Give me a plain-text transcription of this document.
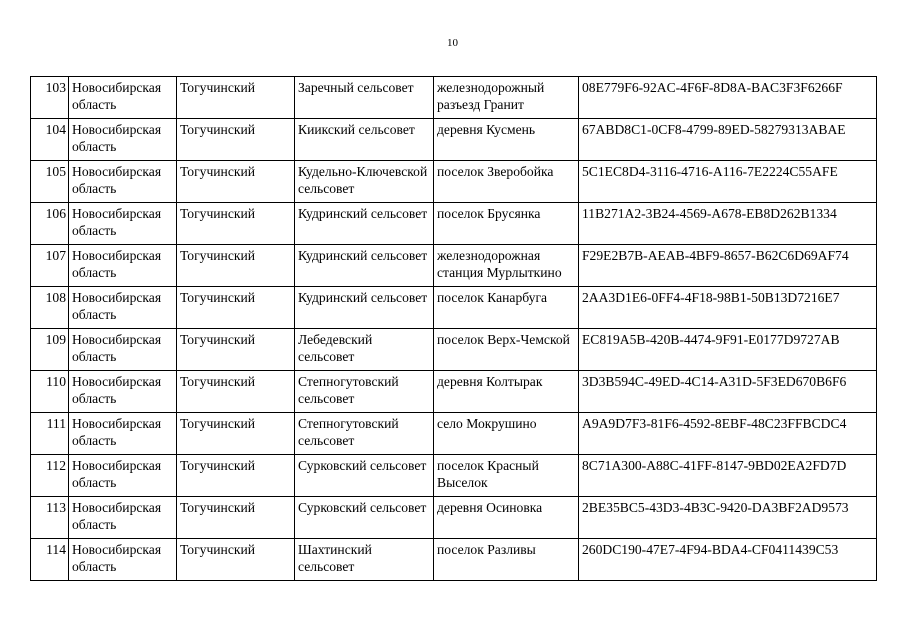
10
103	Новосибирская область	Тогучинский	Заречный сельсовет	железнодорожный разъезд Гранит	08E779F6-92AC-4F6F-8D8A-BAC3F3F6266F
104	Новосибирская область	Тогучинский	Киикский сельсовет	деревня Кусмень	67ABD8C1-0CF8-4799-89ED-58279313ABAE
105	Новосибирская область	Тогучинский	Кудельно-Ключевской сельсовет	поселок Зверобойка	5C1EC8D4-3116-4716-A116-7E2224C55AFE
106	Новосибирская область	Тогучинский	Кудринский сельсовет	поселок Брусянка	11B271A2-3B24-4569-A678-EB8D262B1334
107	Новосибирская область	Тогучинский	Кудринский сельсовет	железнодорожная станция Мурлыткино	F29E2B7B-AEAB-4BF9-8657-B62C6D69AF74
108	Новосибирская область	Тогучинский	Кудринский сельсовет	поселок Канарбуга	2AA3D1E6-0FF4-4F18-98B1-50B13D7216E7
109	Новосибирская область	Тогучинский	Лебедевский сельсовет	поселок Верх-Чемской	EC819A5B-420B-4474-9F91-E0177D9727AB
110	Новосибирская область	Тогучинский	Степногутовский сельсовет	деревня Колтырак	3D3B594C-49ED-4C14-A31D-5F3ED670B6F6
111	Новосибирская область	Тогучинский	Степногутовский сельсовет	село Мокрушино	A9A9D7F3-81F6-4592-8EBF-48C23FFBCDC4
112	Новосибирская область	Тогучинский	Сурковский сельсовет	поселок Красный Выселок	8C71A300-A88C-41FF-8147-9BD02EA2FD7D
113	Новосибирская область	Тогучинский	Сурковский сельсовет	деревня Осиновка	2BE35BC5-43D3-4B3C-9420-DA3BF2AD9573
114	Новосибирская область	Тогучинский	Шахтинский сельсовет	поселок Разливы	260DC190-47E7-4F94-BDA4-CF0411439C53
